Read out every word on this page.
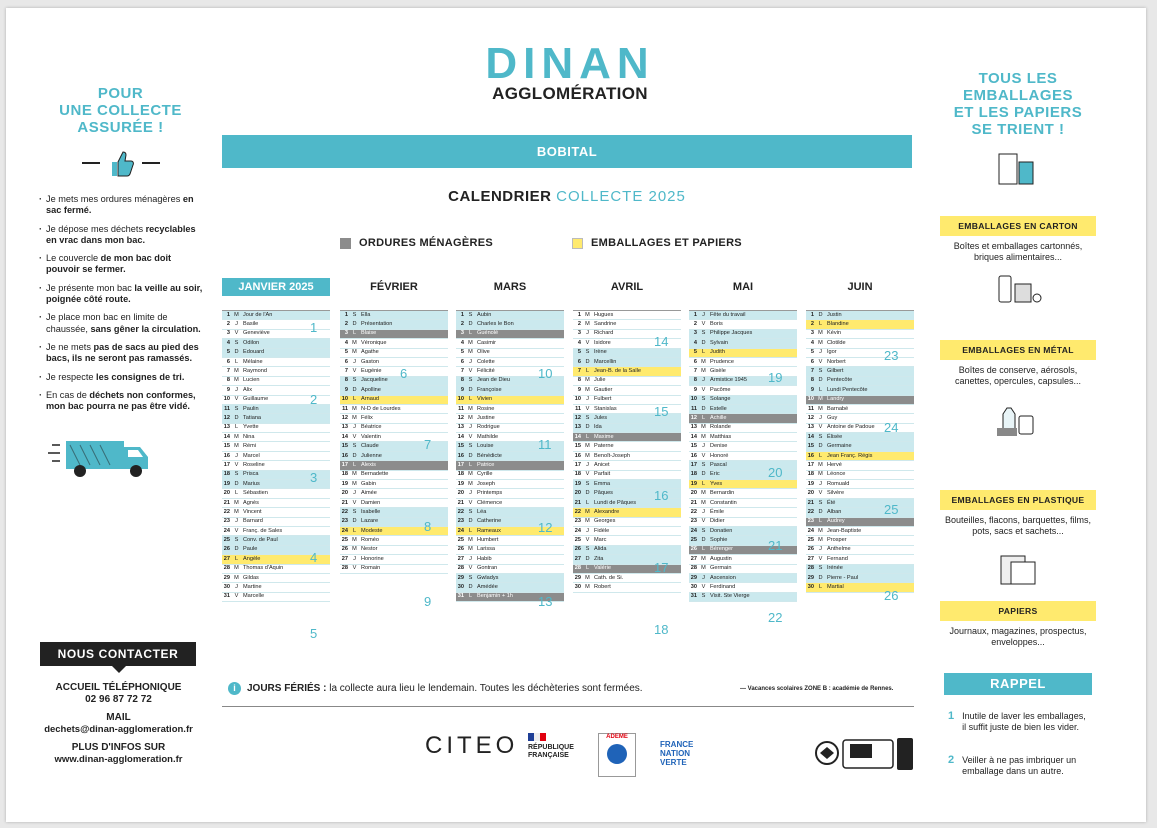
POUR
UNE COLLECTE
ASSURÉE !
· Je mets mes ordures ménagères en sac fermé.
· Je dépose mes déchets recyclables en vrac dans mon bac.
· Le couvercle de mon bac doit pouvoir se fermer.
· Je présente mon bac la veille au soir, poignée côté route.
· Je place mon bac en limite de chaussée, sans gêner la circulation.
· Je ne mets pas de sacs au pied des bacs, ils ne seront pas ramassés.
· Je respecte les consignes de tri.
· En cas de déchets non conformes, mon bac pourra ne pas être vidé.
NOUS CONTACTER

ACCUEIL TÉLÉPHONIQUE
02 96 87 72 72

MAIL
dechets@dinan-agglomeration.fr

PLUS D'INFOS SUR
www.dinan-agglomeration.fr

DINAN
AGGLOMÉRATION
BOBITAL
CALENDRIER COLLECTE 2025
ORDURES MÉNAGÈRES	EMBALLAGES ET PAPIERS
JANVIER 2025
1 M Jour de l'An
2 J Basile
3 V Geneviève
4 S Odilon
5 D Édouard
6 L Mélaine
7 M Raymond
8 M Lucien
9 J Alix
10 V Guillaume
11 S Paulin
12 D Tatiana
13 L Yvette
14 M Nina
15 M Rémi
16 J Marcel
17 V Roseline
18 S Prisca
19 D Marius
20 L Sébastien
21 M Agnès
22 M Vincent
23 J Barnard
24 V Franç. de Sales
25 S Conv. de Paul
26 D Paule
27 L Angèle
28 M Thomas d'Aquin
29 M Gildas
30 J Martine
31 V Marcelle
FÉVRIER
1 S Ella
2 D Présentation
3 L Blaise
4 M Véronique
5 M Agathe
6 J Gaston
7 V Eugénie
8 S Jacqueline
9 D Apolline
10 L Arnaud
11 M N-D de Lourdes
12 M Félix
13 J Béatrice
14 V Valentin
15 S Claude
16 D Julienne
17 L Alexis
18 M Bernadette
19 M Gabin
20 J Aimée
21 V Damien
22 S Isabelle
23 D Lazare
24 L Modeste
25 M Roméo
26 M Nestor
27 J Honorine
28 V Romain
MARS
1 S Aubin
2 D Charles le Bon
3 L Guénolé
4 M Casimir
5 M Olive
6 J Colette
7 V Félicité
8 S Jean de Dieu
9 D Françoise
10 L Vivien
11 M Rosine
12 M Justine
13 J Rodrigue
14 V Mathilde
15 S Louise
16 D Bénédicte
17 L Patrice
18 M Cyrille
19 M Joseph
20 J Printemps
21 V Clémence
22 S Léa
23 D Catherine
24 L Rameaux
25 M Humbert
26 M Larissa
27 J Habib
28 V Gontran
29 S Gwladys
30 D Amédée
31 L Benjamin + 1h
AVRIL
1 M Hugues
2 M Sandrine
3 J Richard
4 V Isidore
5 S Irène
6 D Marcellin
7 L Jean-B. de la Salle
8 M Julie
9 M Gautier
10 J Fulbert
11 V Stanislas
12 S Jules
13 D Ida
14 L Maxime
15 M Paterne
16 M Benoît-Joseph
17 J Anicet
18 V Parfait
19 S Emma
20 D Pâques
21 L Lundi de Pâques
22 M Alexandre
23 M Georges
24 J Fidèle
25 V Marc
26 S Alida
27 D Zita
28 L Valérie
29 M Cath. de Si.
30 M Robert
MAI
1 J Fête du travail
2 V Boris
3 S Philippe Jacques
4 D Sylvain
5 L Judith
6 M Prudence
7 M Gisèle
8 J Armistice 1945
9 V Pacôme
10 S Solange
11 D Estelle
12 L Achille
13 M Rolande
14 M Matthias
15 J Denise
16 V Honoré
17 S Pascal
18 D Éric
19 L Yves
20 M Bernardin
21 M Constantin
22 J Émile
23 V Didier
24 S Donatien
25 D Sophie
26 L Bérenger
27 M Augustin
28 M Germain
29 J Ascension
30 V Ferdinand
31 S Visit. Ste Vierge
JUIN
1 D Justin
2 L Blandine
3 M Kévin
4 M Clotilde
5 J Igor
6 V Norbert
7 S Gilbert
8 D Pentecôte
9 L Lundi Pentecôte
10 M Landry
11 M Barnabé
12 J Guy
13 V Antoine de Padoue
14 S Élisée
15 D Germaine
16 L Jean Franç. Régis
17 M Hervé
18 M Léonce
19 J Romuald
20 V Silvère
21 S Été
22 D Alban
23 L Audrey
24 M Jean-Baptiste
25 M Prosper
26 J Anthelme
27 V Fernand
28 S Irénée
29 D Pierre - Paul
30 L Martial
1
2
3
4
5
6
7
8
9
10
11
12
13
14
15
16
17
18
19
20
21
22
23
24
25
26
i	JOURS FÉRIÉS : la collecte aura lieu le lendemain. Toutes les déchèteries sont fermées.	— Vacances scolaires ZONE B : académie de Rennes.
CITEO RÉPUBLIQUE
FRANÇAISE
ADEME
FRANCE NATION VERTE
TOUS LES
EMBALLAGES
ET LES PAPIERS
SE TRIENT !
EMBALLAGES EN CARTON
Boîtes et emballages cartonnés, briques alimentaires...
EMBALLAGES EN MÉTAL
Boîtes de conserve, aérosols, canettes, opercules, capsules...
EMBALLAGES EN PLASTIQUE
Bouteilles, flacons, barquettes, films, pots, sacs et sachets...
PAPIERS
Journaux, magazines, prospectus, enveloppes...
RAPPEL
1 Inutile de laver les emballages, il suffit juste de bien les vider.
2 Veiller à ne pas imbriquer un emballage dans un autre.
